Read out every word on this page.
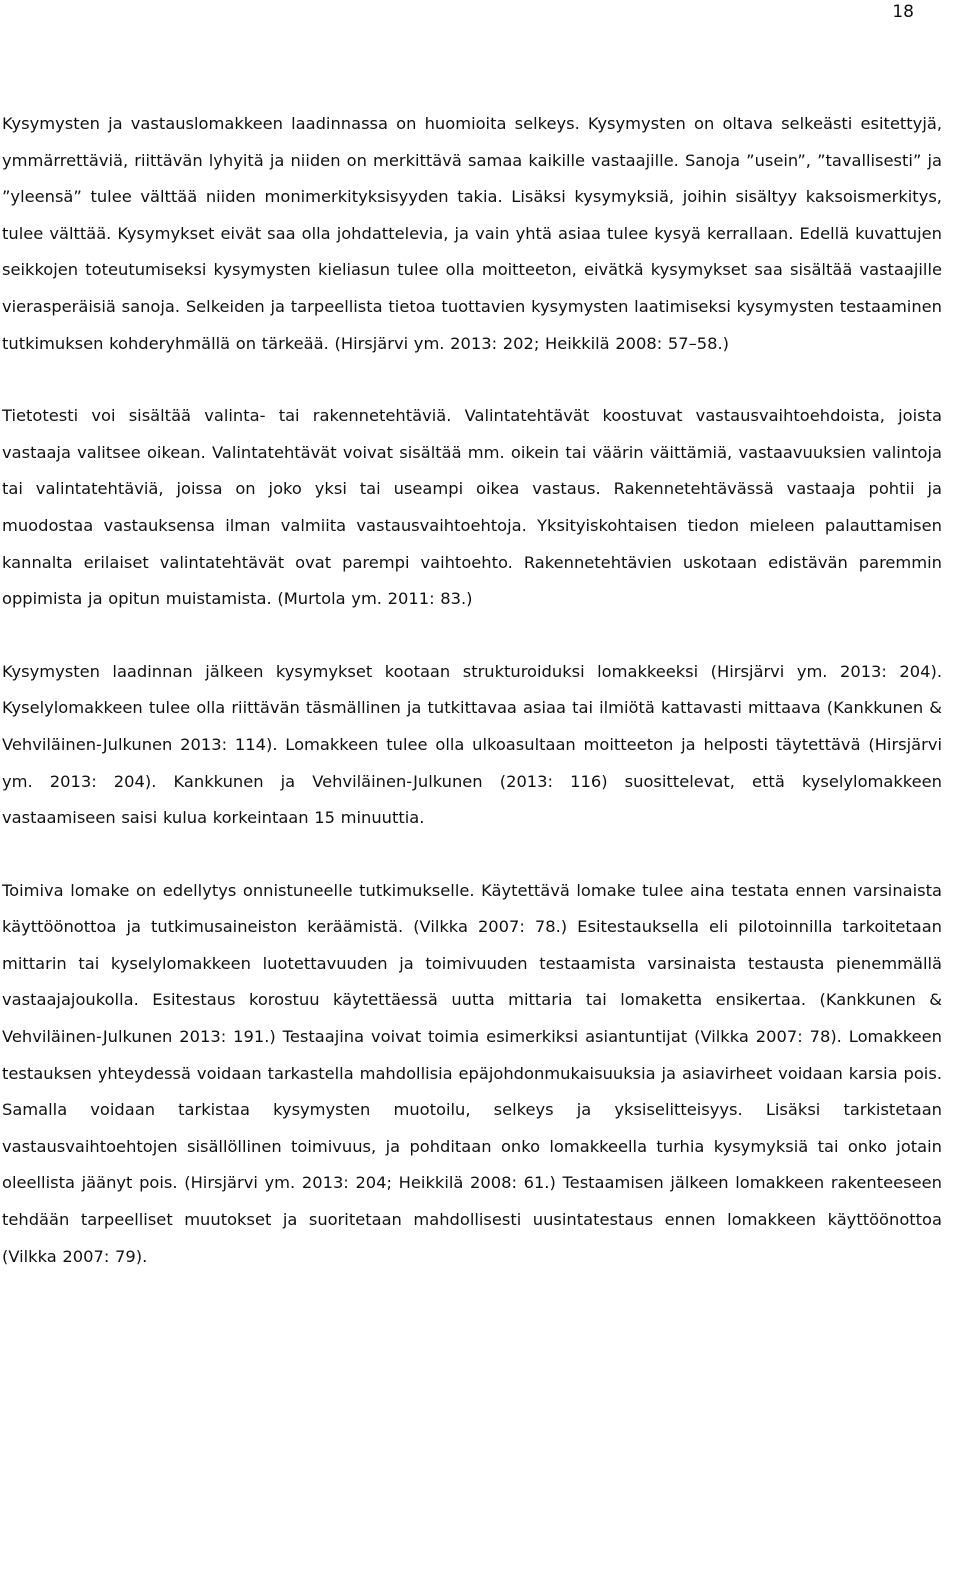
18

Kysymysten ja vastauslomakkeen laadinnassa on huomioita selkeys. Kysymysten on oltava selkeästi esitettyjä, ymmärrettäviä, riittävän lyhyitä ja niiden on merkittävä samaa kaikille vastaajille. Sanoja ”usein”, ”tavallisesti” ja ”yleensä” tulee välttää niiden monimerkityksisyyden takia. Lisäksi kysymyksiä, joihin sisältyy kaksoismerkitys, tulee välttää. Kysymykset eivät saa olla johdattelevia, ja vain yhtä asiaa tulee kysyä kerrallaan. Edellä kuvattujen seikkojen toteutumiseksi kysymysten kieliasun tulee olla moitteeton, eivätkä kysymykset saa sisältää vastaajille vierasperäisiä sanoja. Selkeiden ja tarpeellista tietoa tuottavien kysymysten laatimiseksi kysymysten testaaminen tutkimuksen kohderyhmällä on tärkeää. (Hirsjärvi ym. 2013: 202; Heikkilä 2008: 57–58.)

Tietotesti voi sisältää valinta- tai rakennetehtäviä. Valintatehtävät koostuvat vastausvaihtoehdoista, joista vastaaja valitsee oikean. Valintatehtävät voivat sisältää mm. oikein tai väärin väittämiä, vastaavuuksien valintoja tai valintatehtäviä, joissa on joko yksi tai useampi oikea vastaus. Rakennetehtävässä vastaaja pohtii ja muodostaa vastauksensa ilman valmiita vastausvaihtoehtoja. Yksityiskohtaisen tiedon mieleen palauttamisen kannalta erilaiset valintatehtävät ovat parempi vaihtoehto. Rakennetehtävien uskotaan edistävän paremmin oppimista ja opitun muistamista. (Murtola ym. 2011: 83.)

Kysymysten laadinnan jälkeen kysymykset kootaan strukturoiduksi lomakkeeksi (Hirsjärvi ym. 2013: 204). Kyselylomakkeen tulee olla riittävän täsmällinen ja tutkittavaa asiaa tai ilmiötä kattavasti mittaava (Kankkunen & Vehviläinen-Julkunen 2013: 114). Lomakkeen tulee olla ulkoasultaan moitteeton ja helposti täytettävä (Hirsjärvi ym. 2013: 204). Kankkunen ja Vehviläinen-Julkunen (2013: 116) suosittelevat, että kyselylomakkeen vastaamiseen saisi kulua korkeintaan 15 minuuttia.

Toimiva lomake on edellytys onnistuneelle tutkimukselle. Käytettävä lomake tulee aina testata ennen varsinaista käyttöönottoa ja tutkimusaineiston keräämistä. (Vilkka 2007: 78.) Esitestauksella eli pilotoinnilla tarkoitetaan mittarin tai kyselylomakkeen luotettavuuden ja toimivuuden testaamista varsinaista testausta pienemmällä vastaajajoukolla. Esitestaus korostuu käytettäessä uutta mittaria tai lomaketta ensikertaa. (Kankkunen & Vehviläinen-Julkunen 2013: 191.) Testaajina voivat toimia esimerkiksi asiantuntijat (Vilkka 2007: 78). Lomakkeen testauksen yhteydessä voidaan tarkastella mahdollisia epäjohdonmukaisuuksia ja asiavirheet voidaan karsia pois. Samalla voidaan tarkistaa kysymysten muotoilu, selkeys ja yksiselitteisyys. Lisäksi tarkistetaan vastausvaihtoehtojen sisällöllinen toimivuus, ja pohditaan onko lomakkeella turhia kysymyksiä tai onko jotain oleellista jäänyt pois. (Hirsjärvi ym. 2013: 204; Heikkilä 2008: 61.) Testaamisen jälkeen lomakkeen rakenteeseen tehdään tarpeelliset muutokset ja suoritetaan mahdollisesti uusintatestaus ennen lomakkeen käyttöönottoa (Vilkka 2007: 79).
